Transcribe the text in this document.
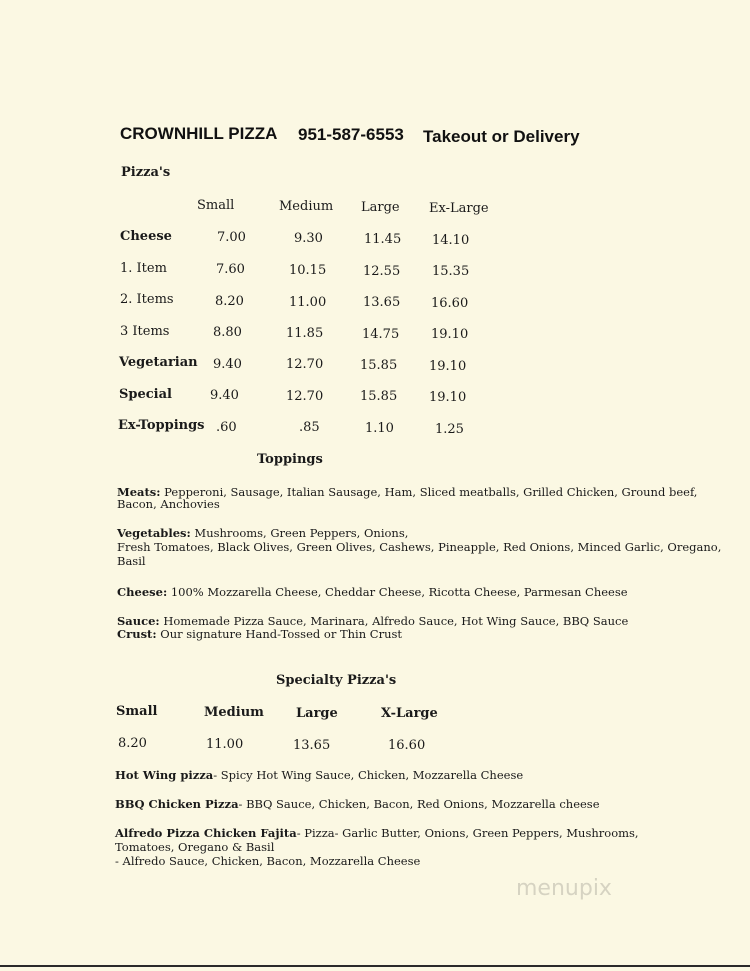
CROWNHILL PIZZA 951-587-6553 Takeout or Delivery
Pizza's
Small	Medium Large Ex-Large
Cheese	7.00	9.30	11.45 14.10
1. Item	7.60	10.15	12.55 15.35
2. Items	8.20	11.00	13.65 16.60
3 Items	8.80	11.85	14.75 19.10
Vegetarian 9.40	12.70	15.85 19.10
Special	9.40	12.70	15.85 19.10
Ex-Toppings .60	.85	1.10	1.25
Toppings
Meats: Pepperoni, Sausage, Italian Sausage, Ham, Sliced meatballs, Grilled Chicken, Ground beef,
Bacon, Anchovies
Vegetables: Mushrooms, Green Peppers, Onions,
Fresh Tomatoes, Black Olives, Green Olives, Cashews, Pineapple, Red Onions, Minced Garlic, Oregano,
Basil
Cheese: 100% Mozzarella Cheese, Cheddar Cheese, Ricotta Cheese, Parmesan Cheese
Sauce: Homemade Pizza Sauce, Marinara, Alfredo Sauce, Hot Wing Sauce, BBQ Sauce
Crust: Our signature Hand-Tossed or Thin Crust
Specialty Pizza's
Small	Medium Large	X-Large
8.20	11.00	13.65	16.60
Hot Wing pizza- Spicy Hot Wing Sauce, Chicken, Mozzarella Cheese
BBQ Chicken Pizza- BBQ Sauce, Chicken, Bacon, Red Onions, Mozzarella cheese
Alfredo Pizza Chicken Fajita- Pizza- Garlic Butter, Onions, Green Peppers, Mushrooms,
Tomatoes, Oregano & Basil
- Alfredo Sauce, Chicken, Bacon, Mozzarella Cheese
menupix
